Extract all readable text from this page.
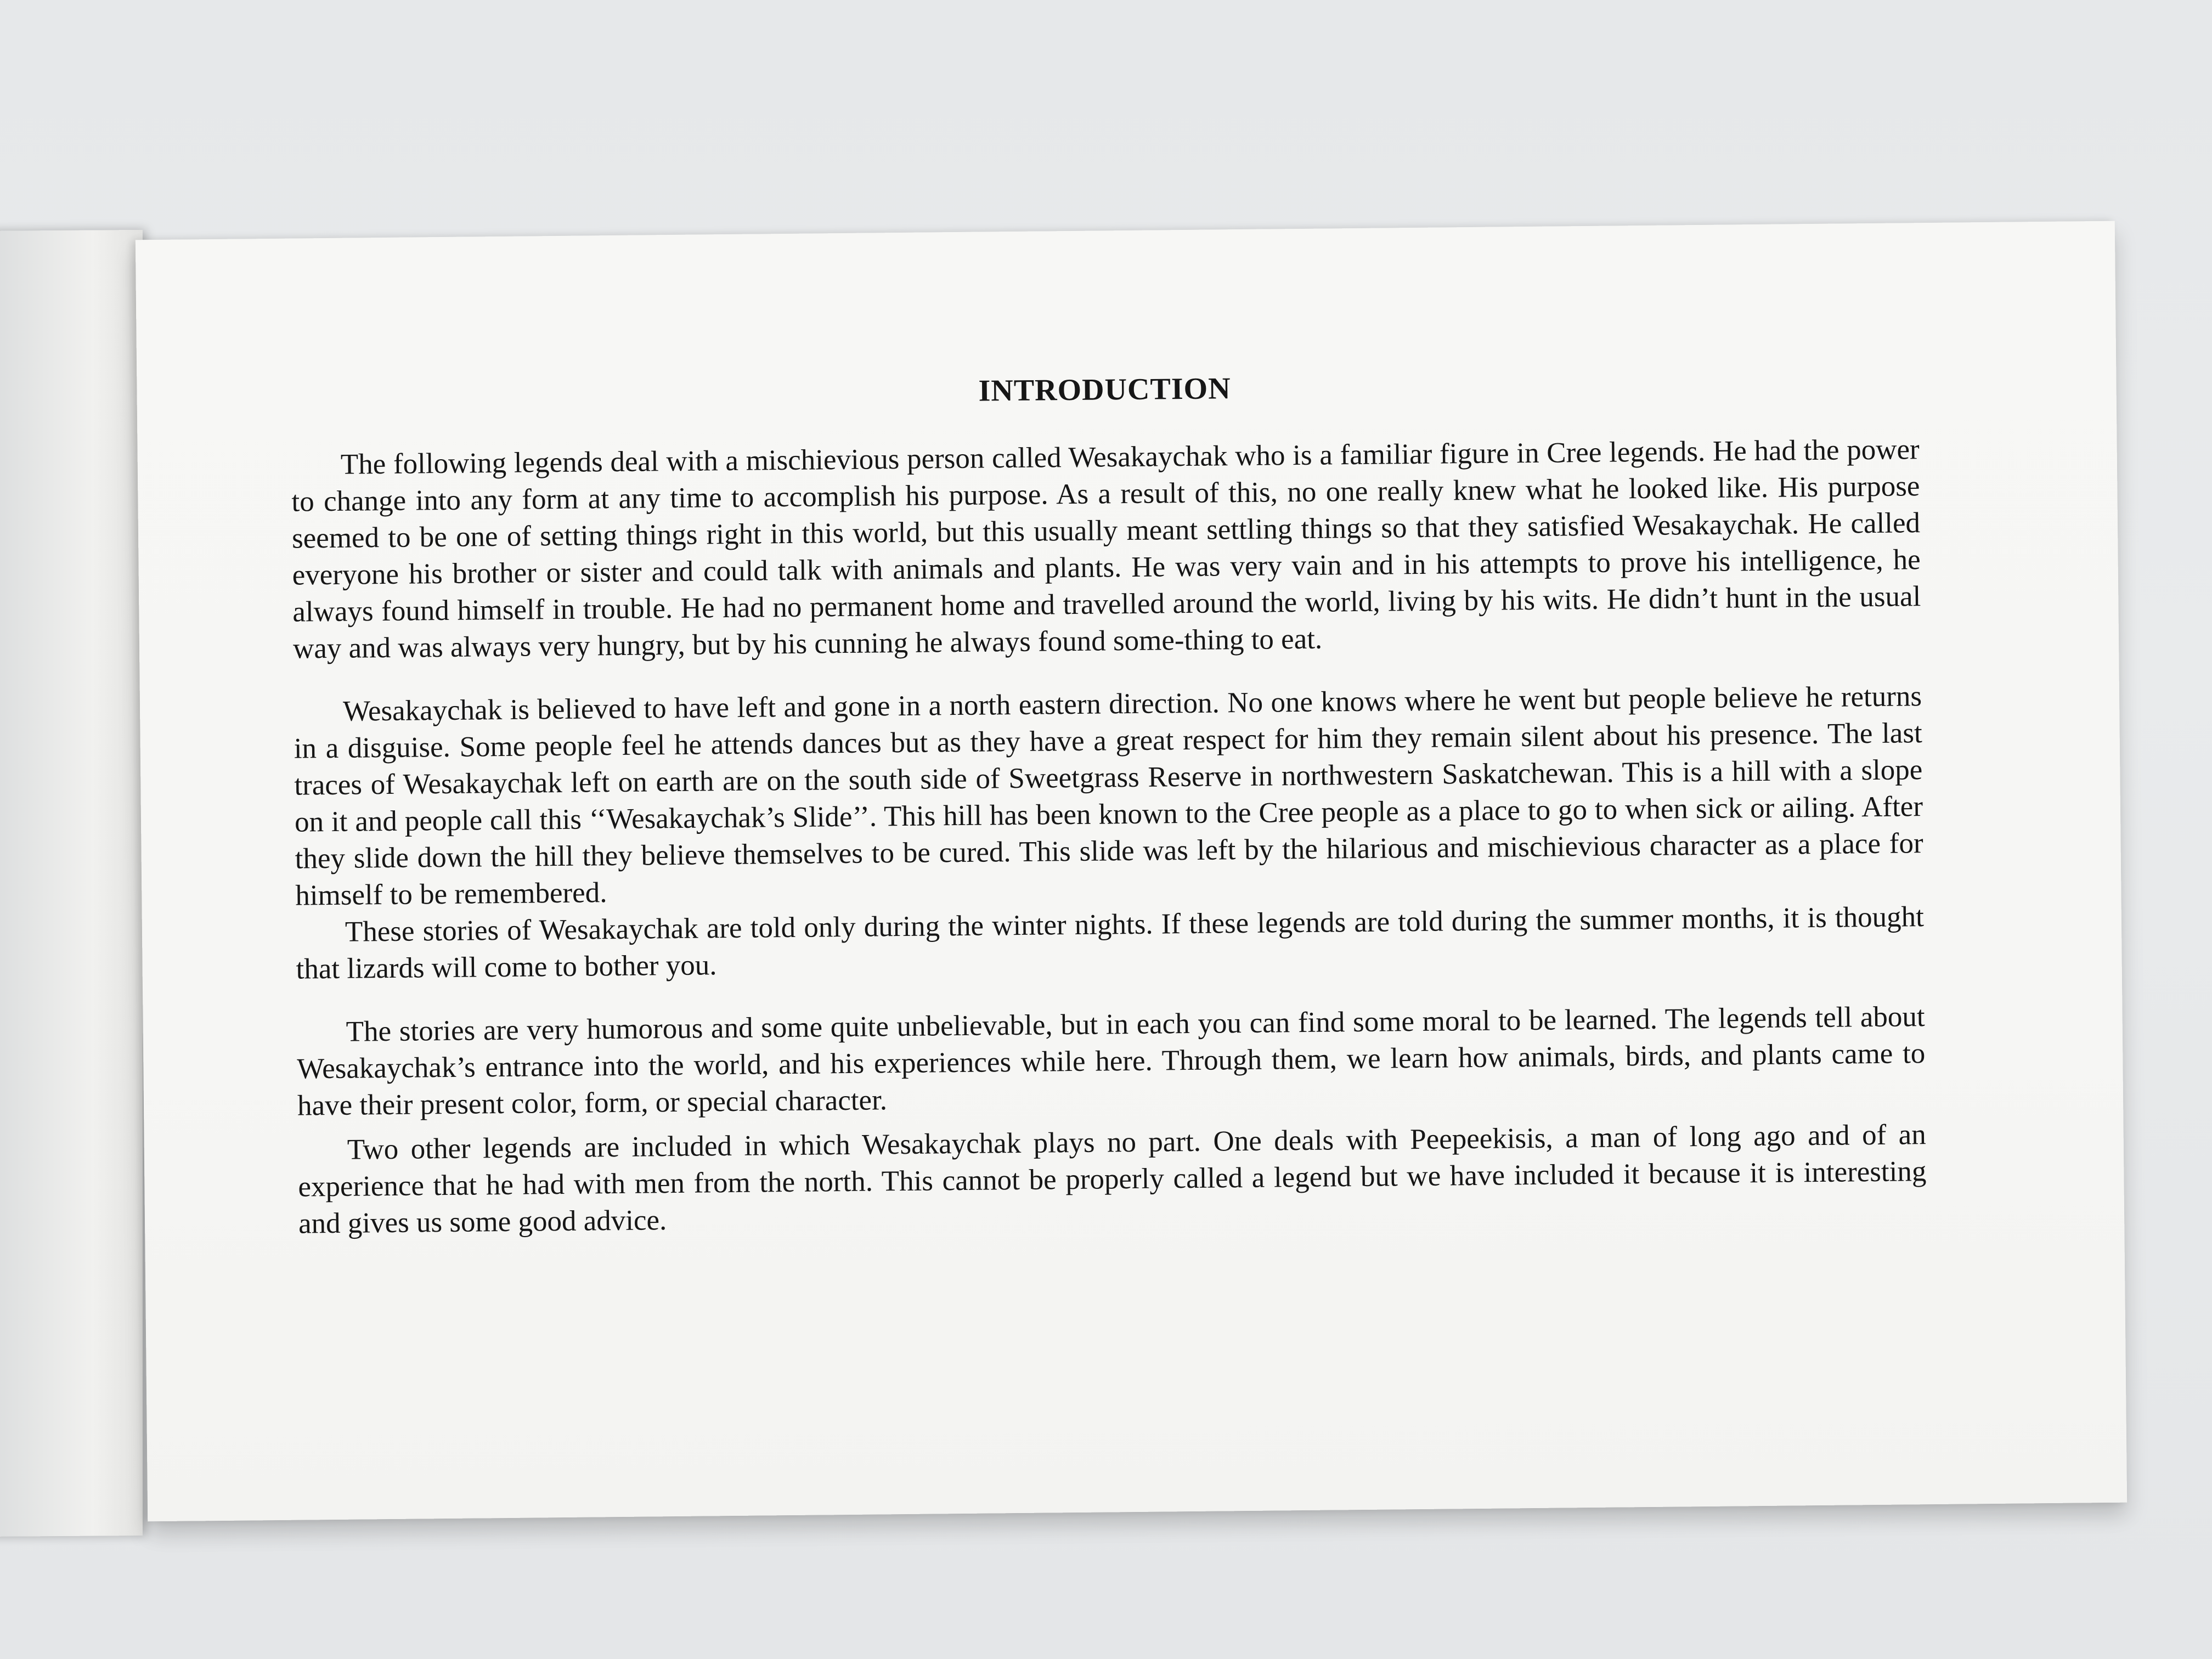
INTRODUCTION

The following legends deal with a mischievious person called Wesakaychak who is a familiar figure in Cree legends. He had the power to change into any form at any time to accomplish his purpose. As a result of this, no one really knew what he looked like. His purpose seemed to be one of setting things right in this world, but this usually meant settling things so that they satisfied Wesakaychak. He called everyone his brother or sister and could talk with animals and plants. He was very vain and in his attempts to prove his intelligence, he always found himself in trouble. He had no permanent home and travelled around the world, living by his wits. He didn’t hunt in the usual way and was always very hungry, but by his cunning he always found some-thing to eat.

Wesakaychak is believed to have left and gone in a north eastern direction. No one knows where he went but people believe he returns in a disguise. Some people feel he attends dances but as they have a great respect for him they remain silent about his presence. The last traces of Wesakaychak left on earth are on the south side of Sweetgrass Reserve in northwestern Saskatchewan. This is a hill with a slope on it and people call this ‘‘Wesakaychak’s Slide’’. This hill has been known to the Cree people as a place to go to when sick or ailing. After they slide down the hill they believe themselves to be cured. This slide was left by the hilarious and mischievious character as a place for himself to be remembered.

These stories of Wesakaychak are told only during the winter nights. If these legends are told during the summer months, it is thought that lizards will come to bother you.

The stories are very humorous and some quite unbelievable, but in each you can find some moral to be learned. The legends tell about Wesakaychak’s entrance into the world, and his experiences while here. Through them, we learn how animals, birds, and plants came to have their present color, form, or special character.

Two other legends are included in which Wesakaychak plays no part. One deals with Peepeekisis, a man of long ago and of an experience that he had with men from the north. This cannot be properly called a legend but we have included it because it is interesting and gives us some good advice.
